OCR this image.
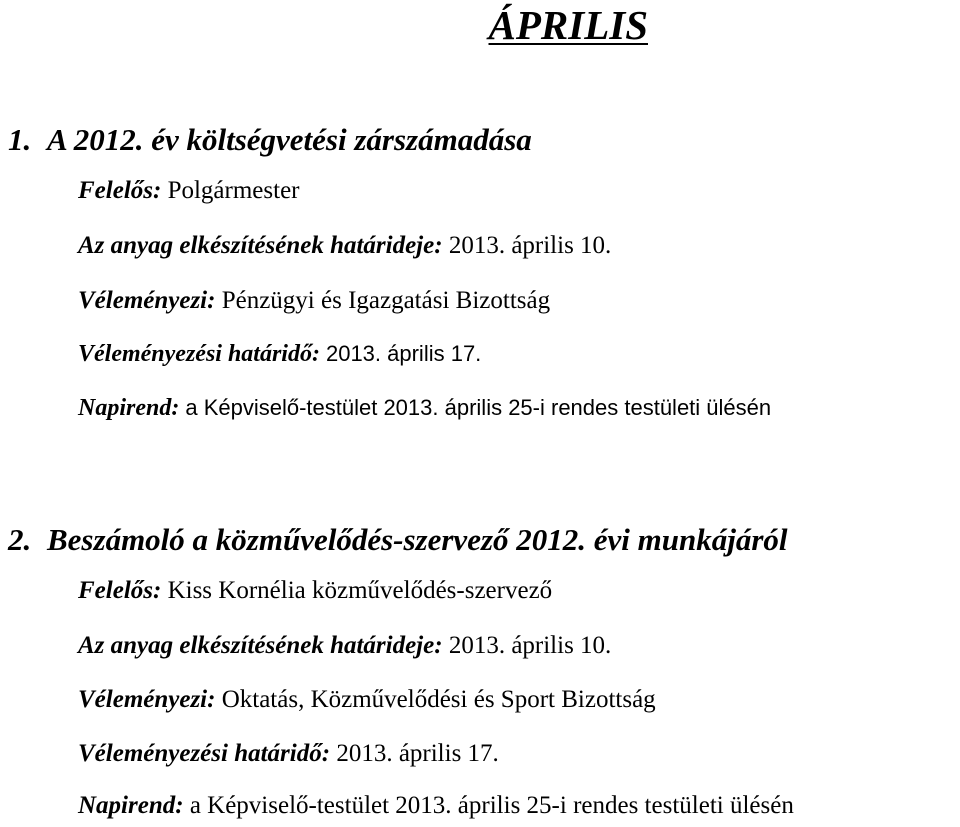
ÁPRILIS
1. A 2012. év költségvetési zárszámadása
Felelős: Polgármester
Az anyag elkészítésének határideje: 2013. április 10.
Véleményezi: Pénzügyi és Igazgatási Bizottság
Véleményezési határidő: 2013. április 17.
Napirend: a Képviselő-testület 2013. április 25-i rendes testületi ülésén
2. Beszámoló a közművelődés-szervező 2012. évi munkájáról
Felelős: Kiss Kornélia közművelődés-szervező
Az anyag elkészítésének határideje: 2013. április 10.
Véleményezi: Oktatás, Közművelődési és Sport Bizottság
Véleményezési határidő: 2013. április 17.
Napirend: a Képviselő-testület 2013. április 25-i rendes testületi ülésén
